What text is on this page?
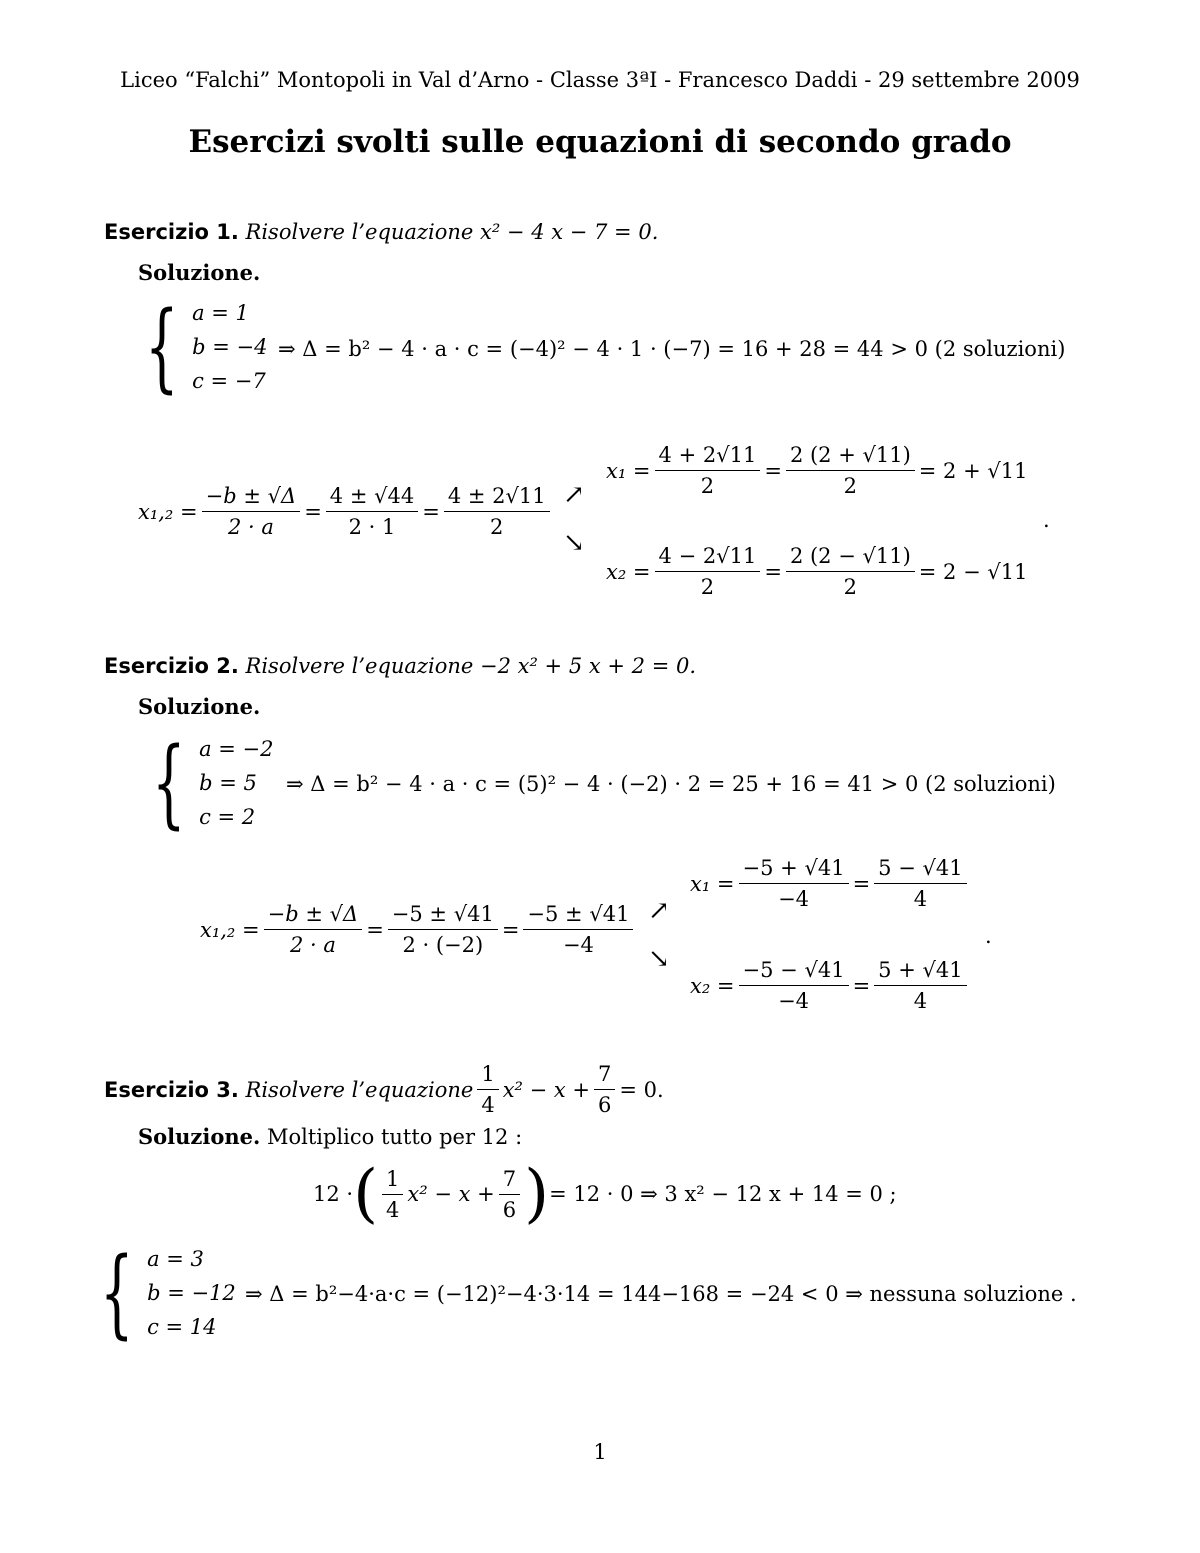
Liceo “Falchi” Montopoli in Val d’Arno - Classe 3ªI - Francesco Daddi - 29 settembre 2009
Esercizi svolti sulle equazioni di secondo grado
Esercizio 1. Risolvere l’equazione x² − 4 x − 7 = 0.
Soluzione.
{ a = 1
b = −4
c = −7
⇒ Δ = b² − 4 · a · c = (−4)² − 4 · 1 · (−7) = 16 + 28 = 44 > 0 (2 soluzioni)
$x_1,_2 = \frac{-b \pm √\Delta}{2 \cdot a} = \frac{4 \pm √44}{2 \cdot 1} = \frac{4 \pm 2√11}{2}$ ↗
↘
$x_1 = \frac{4 + 2√11}{2} = \frac{2 (2 + √11)}{2} = 2 + √11$
$x_2 = \frac{4 - 2√11}{2} = \frac{2 (2 - √11)}{2} = 2 - √11$
.
Esercizio 2. Risolvere l’equazione −2 x² + 5 x + 2 = 0.
Soluzione.
{ a = −2
b = 5
c = 2
⇒ Δ = b² − 4 · a · c = (5)² − 4 · (−2) · 2 = 25 + 16 = 41 > 0 (2 soluzioni)
$x_1,_2 = \frac{-b \pm √\Delta}{2 \cdot a} = \frac{-5 \pm √41}{2 \cdot (-2)} = \frac{-5 \pm √41}{-4}$ ↗
↘
$x_1 = \frac{-5 + √41}{-4} = \frac{5 - √41}{4}$
$x_2 = \frac{-5 - √41}{-4} = \frac{5 + √41}{4}$
.
Esercizio 3.
Risolvere l’equazione $\frac{1}{4} x^2 - x + \frac{7}{6} = 0$.
Soluzione. Moltiplico tutto per 12 :
12 · ( $\frac{1}{4} x^2 - x + \frac{7}{6}$ ) = 12 · 0 ⇒ 3 x² − 12 x + 14 = 0 ;
{ a = 3
b = −12
c = 14
⇒ Δ = b²−4·a·c = (−12)²−4·3·14 = 144−168 = −24 < 0 ⇒ nessuna soluzione .
1
